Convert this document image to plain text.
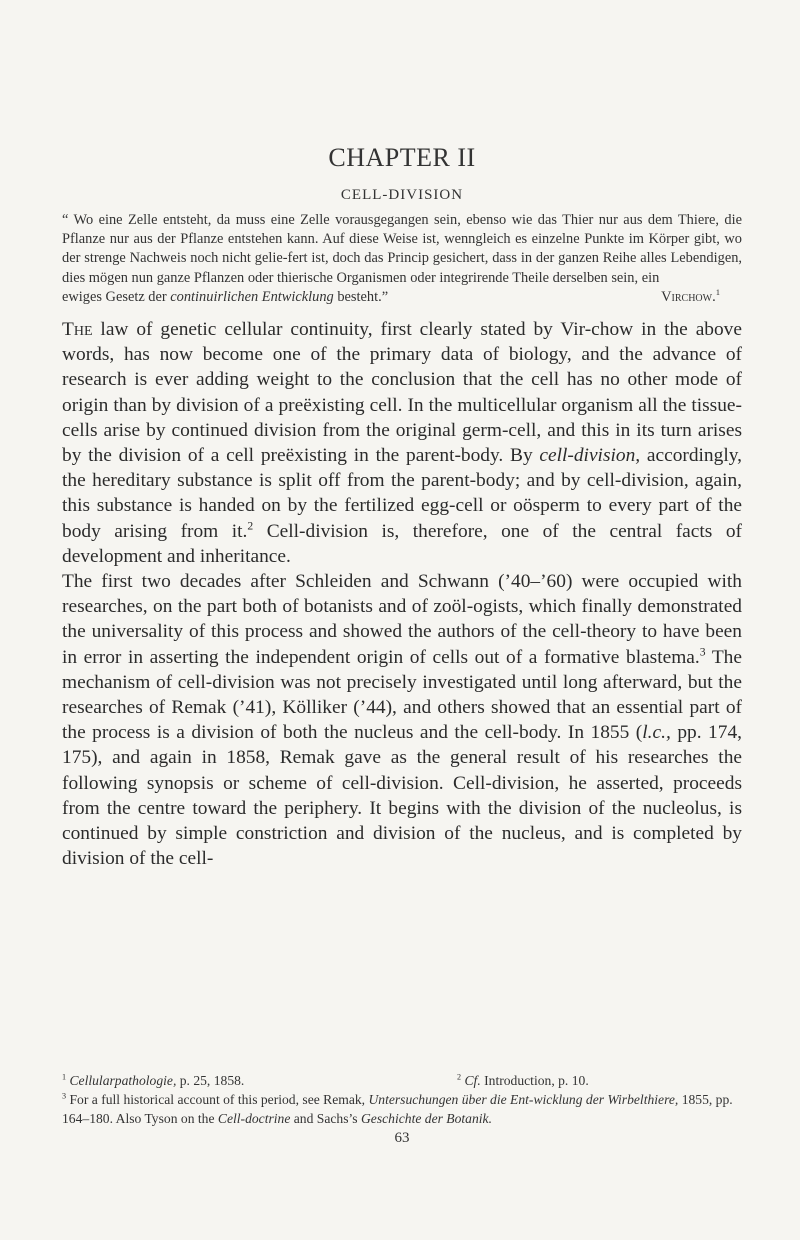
CHAPTER II
CELL-DIVISION
“ Wo eine Zelle entsteht, da muss eine Zelle vorausgegangen sein, ebenso wie das Thier nur aus dem Thiere, die Pflanze nur aus der Pflanze entstehen kann. Auf diese Weise ist, wenngleich es einzelne Punkte im Körper gibt, wo der strenge Nachweis noch nicht gelie-fert ist, doch das Princip gesichert, dass in der ganzen Reihe alles Lebendigen, dies mögen nun ganze Pflanzen oder thierische Organismen oder integrirende Theile derselben sein, ein
ewiges Gesetz der continuirlichen Entwicklung besteht.”	Virchow.$^1$

The law of genetic cellular continuity, first clearly stated by Vir-chow in the above words, has now become one of the primary data of biology, and the advance of research is ever adding weight to the conclusion that the cell has no other mode of origin than by division of a preëxisting cell. In the multicellular organism all the tissue-cells arise by continued division from the original germ-cell, and this in its turn arises by the division of a cell preëxisting in the parent-body. By cell-division, accordingly, the hereditary substance is split off from the parent-body; and by cell-division, again, this substance is handed on by the fertilized egg-cell or oösperm to every part of the body arising from it.$^2$ Cell-division is, therefore, one of the central facts of development and inheritance.

The first two decades after Schleiden and Schwann (’40–’60) were occupied with researches, on the part both of botanists and of zoöl-ogists, which finally demonstrated the universality of this process and showed the authors of the cell-theory to have been in error in asserting the independent origin of cells out of a formative blastema.$^3$ The mechanism of cell-division was not precisely investigated until long afterward, but the researches of Remak (’41), Kölliker (’44), and others showed that an essential part of the process is a division of both the nucleus and the cell-body. In 1855 (l.c., pp. 174, 175), and again in 1858, Remak gave as the general result of his researches the following synopsis or scheme of cell-division. Cell-division, he asserted, proceeds from the centre toward the periphery. It begins with the division of the nucleolus, is continued by simple constriction and division of the nucleus, and is completed by division of the cell-

$^1$ Cellularpathologie, p. 25, 1858.	$^2$ Cf. Introduction, p. 10.
$^3$ For a full historical account of this period, see Remak, Untersuchungen über die Ent-wicklung der Wirbelthiere, 1855, pp. 164–180. Also Tyson on the Cell-doctrine and Sachs’s Geschichte der Botanik.
63
